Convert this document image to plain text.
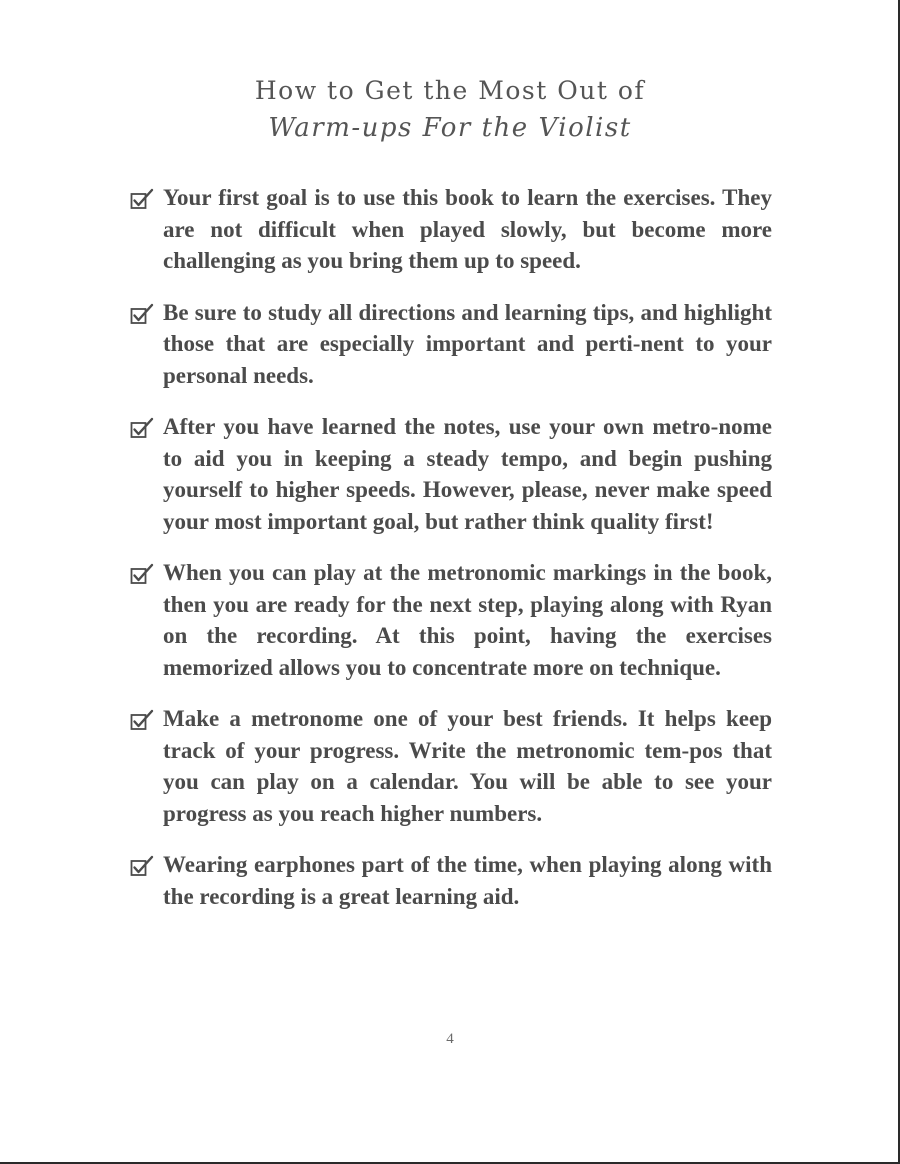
How to Get the Most Out of
Warm-ups For the Violist
Your first goal is to use this book to learn the exercises. They are not difficult when played slowly, but become more challenging as you bring them up to speed.
Be sure to study all directions and learning tips, and highlight those that are especially important and perti-nent to your personal needs.
After you have learned the notes, use your own metro-nome to aid you in keeping a steady tempo, and begin pushing yourself to higher speeds. However, please, never make speed your most important goal, but rather think quality first!
When you can play at the metronomic markings in the book, then you are ready for the next step, playing along with Ryan on the recording. At this point, having the exercises memorized allows you to concentrate more on technique.
Make a metronome one of your best friends. It helps keep track of your progress. Write the metronomic tem-pos that you can play on a calendar. You will be able to see your progress as you reach higher numbers.
Wearing earphones part of the time, when playing along with the recording is a great learning aid.
4
